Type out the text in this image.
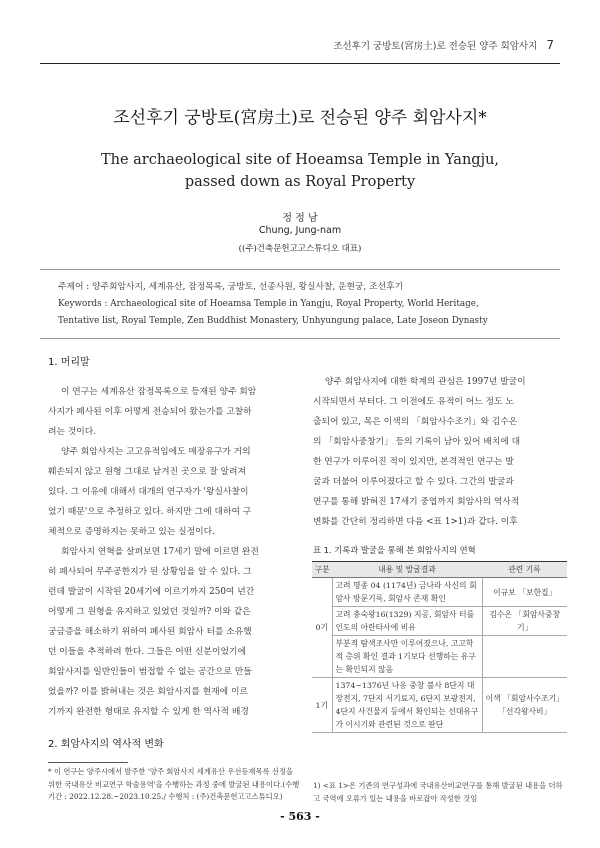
조선후기 궁방토(宮房土)로 전승된 양주 회암사지 7
조선후기 궁방토(宮房土)로 전승된 양주 회암사지*
The archaeological site of Hoeamsa Temple in Yangju,
passed down as Royal Property
정 정 남
Chung, Jung-nam
((주)건축문헌고고스튜디오 대표)

주제어 : 양주회암사지, 세계유산, 잠정목록, 궁방토, 선종사원, 왕실사찰, 운현궁, 조선후기

Keywords : Archaeological site of Hoeamsa Temple in Yangju, Royal Property, World Heritage,

Tentative list, Royal Temple, Zen Buddhist Monastery, Unhyungung palace, Late Joseon Dynasty

1. 머리말
이 연구는 세계유산 잠정목록으로 등재된 양주 회암
사지가 폐사된 이후 어떻게 전승되어 왔는가를 고찰하
려는 것이다.
양주 회암사지는 고고유적임에도 매장유구가 거의
훼손되지 않고 원형 그대로 남겨진 곳으로 잘 알려져
있다. 그 이유에 대해서 대개의 연구자가 '왕실사찰이
었기 때문'으로 추정하고 있다. 하지만 그에 대하여 구
체적으로 증명하지는 못하고 있는 실정이다.
회암사지 연혁을 살펴보면 17세기 말에 이르면 완전
히 폐사되어 무주공한지가 된 상황임을 알 수 있다. 그
런데 발굴이 시작된 20세기에 이르기까지 250여 년간
어떻게 그 원형을 유지하고 있었던 것일까? 이와 같은
궁금증을 해소하기 위하여 폐사된 회암사 터를 소유했
던 이들을 추적하려 한다. 그들은 어떤 신분이었기에
회암사지를 일반인들이 범접할 수 없는 공간으로 만들
었을까? 이를 밝혀내는 것은 회암사지를 현재에 이르
기까지 완전한 형태로 유지할 수 있게 한 역사적 배경
2. 회암사지의 역사적 변화
* 이 연구는 양주시에서 발주한 '양주 회암사지 세계유산 우선등재목록 선정을 위한 국내유산 비교연구 학술용역'을 수행하는 과정 중에 발굴된 내용이다.(수행기간 : 2022.12.28.~2023.10.25./ 수행처 : (주)건축문헌고고스튜디오)
양주 회암사지에 대한 학계의 관심은 1997년 발굴이
시작되면서 부터다. 그 이전에도 유적이 어느 정도 노
출되어 있고, 목은 이색의 「회암사수조기」와 김수온
의 「회암사중창기」 등의 기록이 남아 있어 배치에 대
한 연구가 이루어진 적이 있지만, 본격적인 연구는 발
굴과 더불어 이루어졌다고 할 수 있다. 그간의 발굴과
연구를 통해 밝혀진 17세기 중엽까지 회암사의 역사적
변화를 간단히 정리하면 다음 <표 1>1)과 같다. 이후
표 1. 기록과 발굴을 통해 본 회암사지의 연혁
구분	내용 및 발굴결과	관련 기록
0기	고려 명종 04 (1174년) 금나라 사신의 회암사 방문기록, 회암사 존재 확인	이규보 「보한집」
	고려 충숙왕16(1329) 지공, 회암사 터를 인도의 아란타사에 비유	김수온 「회암사중창기」
	부분적 탐색조사만 이루어졌으나, 고고학적 층위 확인 결과 1기보다 선행하는 유구는 확인되지 않음	
1기	1374~1376년 나옹 중창 불사 8단지 대장전지, 7단지 서기료지, 6단지 보광전지, 4단지 사건물지 등에서 확인되는 선대유구가 이시기와 관련된 것으로 판단	이색 「회암사수조기」 「선각왕사비」
1) <표 1>은 기존의 연구성과에 국내유산비교연구를 통해 발굴된 내용을 더하고 국역에 오류가 있는 내용을 바로잡아 작성한 것임
- 563 -
